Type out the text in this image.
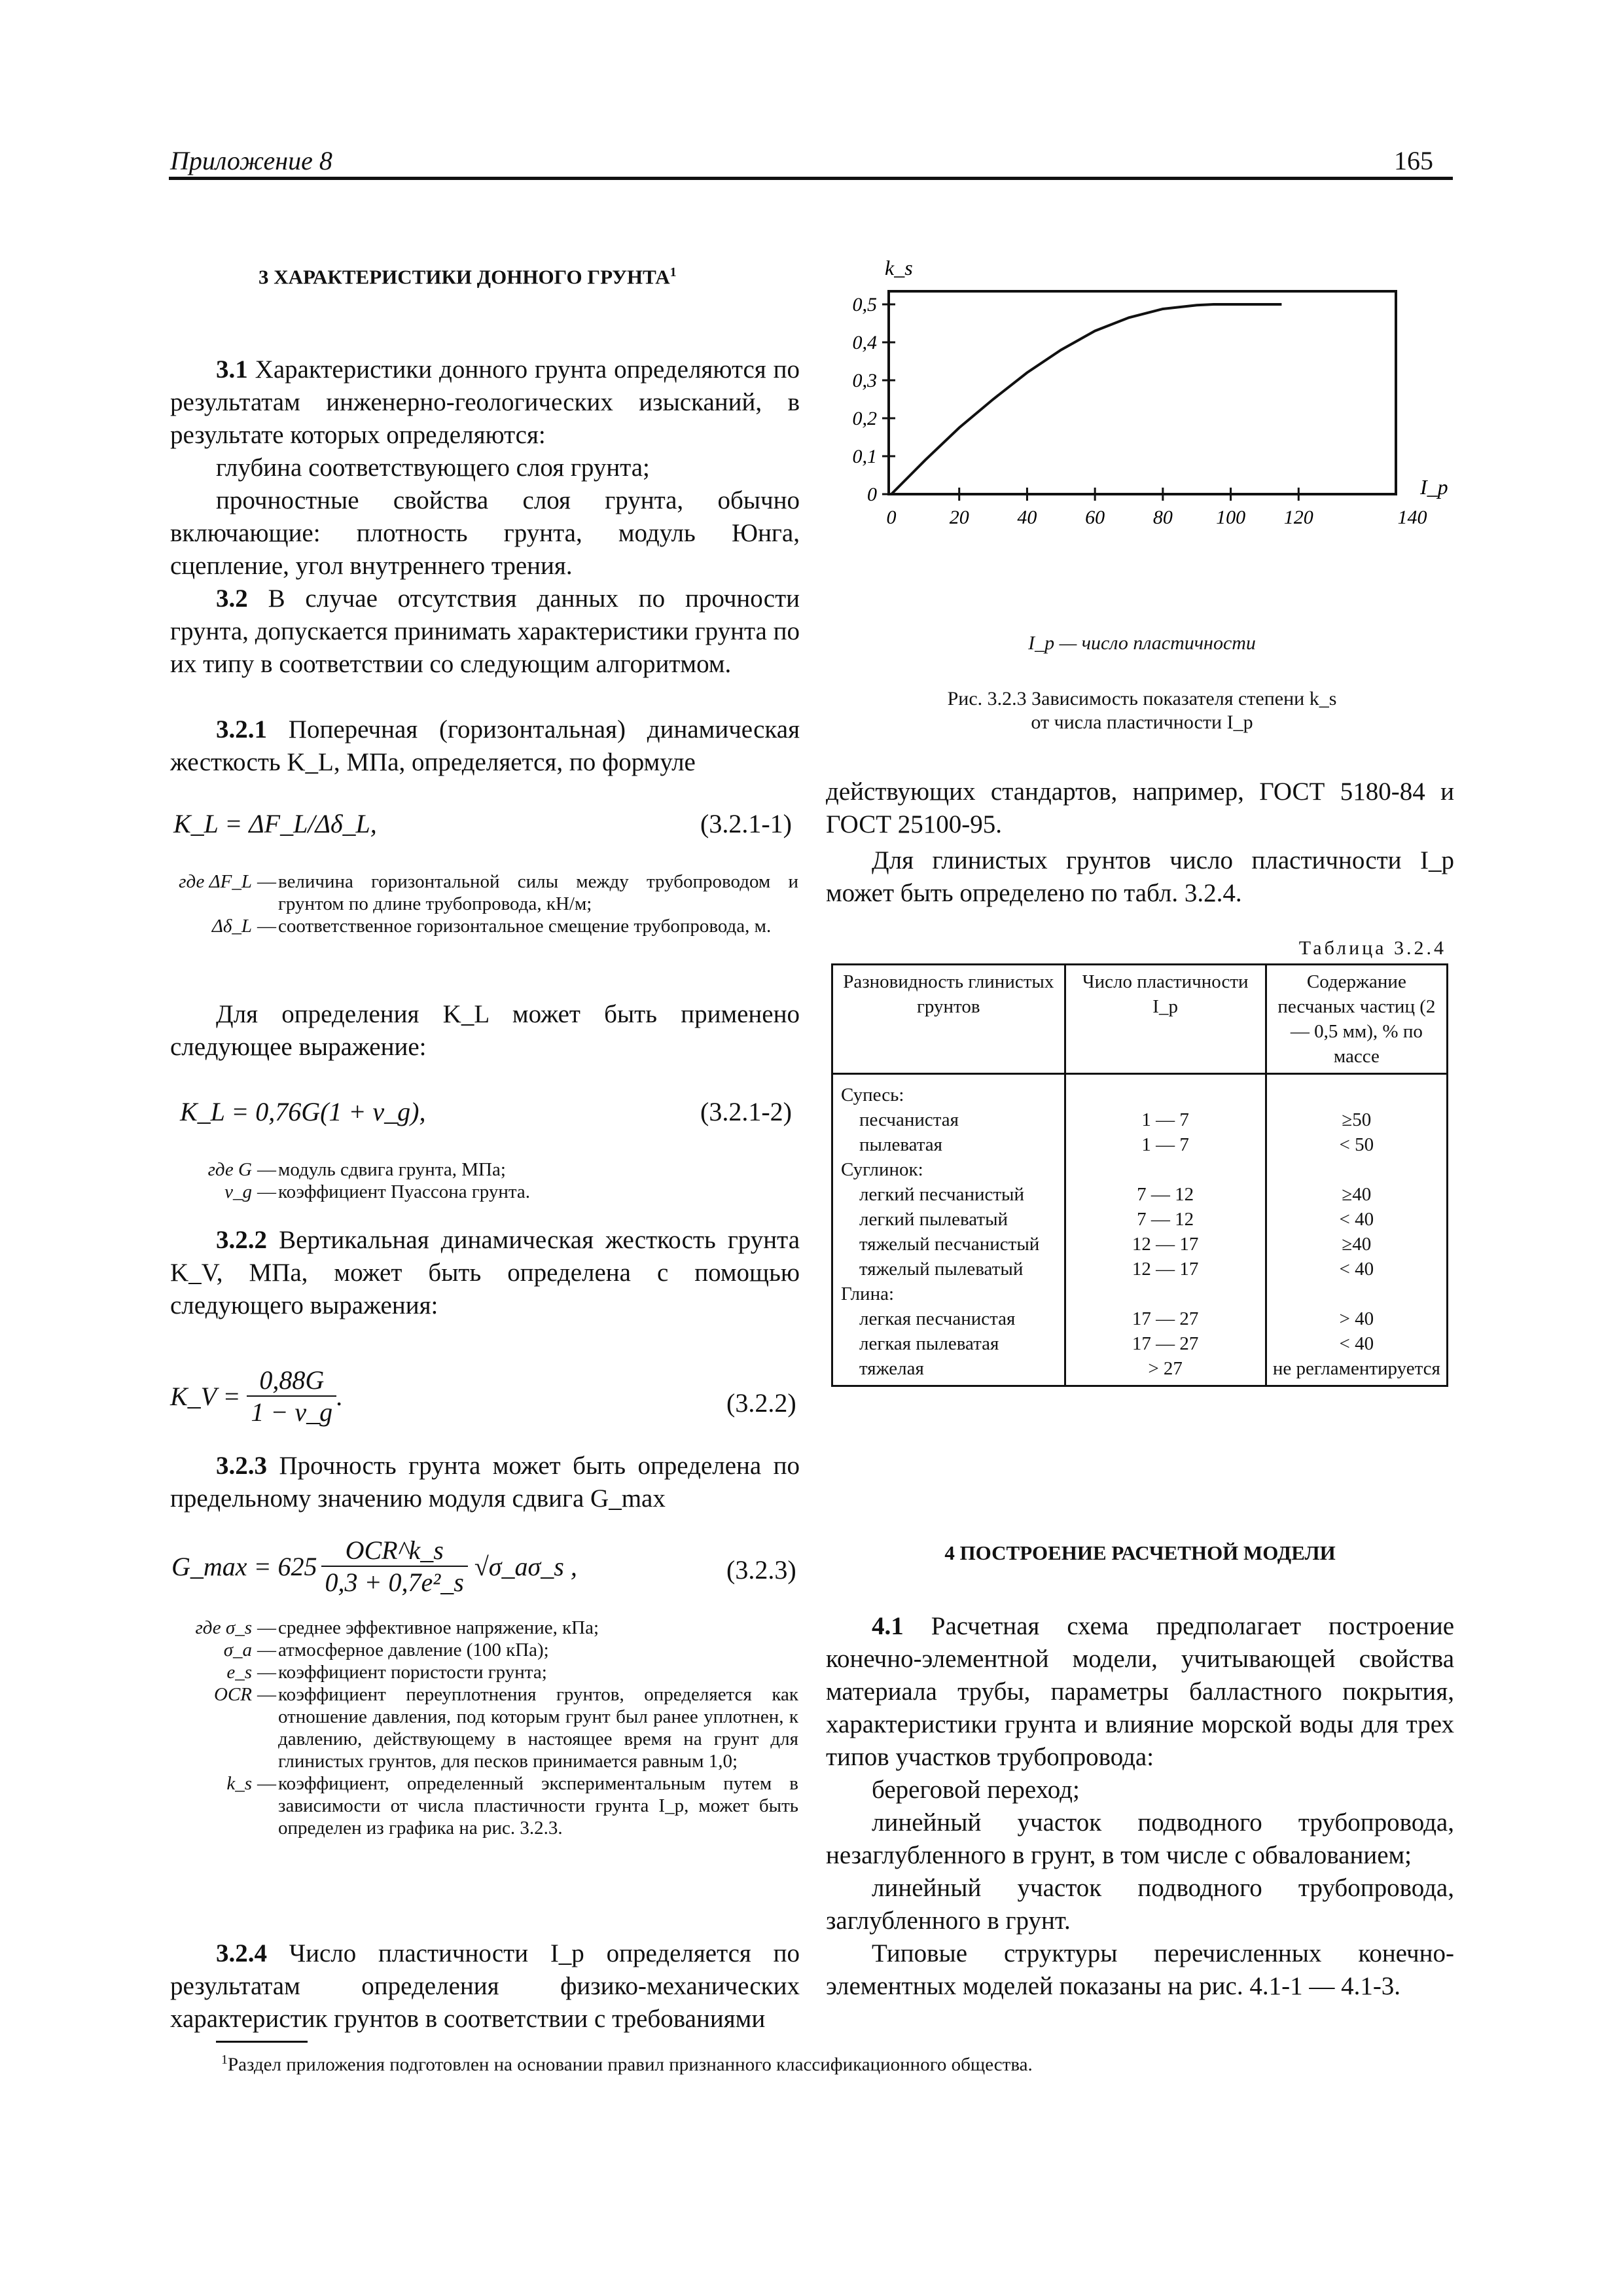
Приложение 8	165
3 ХАРАКТЕРИСТИКИ ДОННОГО ГРУНТА$^1$
3.1 Характеристики донного грунта определяются по результатам инженерно-геологических изысканий, в результате которых определяются:
глубина соответствующего слоя грунта;
прочностные свойства слоя грунта, обычно включающие: плотность грунта, модуль Юнга, сцепление, угол внутреннего трения.
3.2 В случае отсутствия данных по прочности грунта, допускается принимать характеристики грунта по их типу в соответствии со следующим алгоритмом.
3.2.1 Поперечная (горизонтальная) динамическая жесткость K_L, МПа, определяется, по формуле
K_L = ΔF_L/Δδ_L,	(3.2.1-1)
где ΔF_L — величина горизонтальной силы между трубопроводом и грунтом по длине трубопровода, кН/м;
Δδ_L — соответственное горизонтальное смещение трубопровода, м.
Для определения K_L может быть применено следующее выражение:
K_L = 0,76G(1 + v_g),	(3.2.1-2)
где G — модуль сдвига грунта, МПа;
v_g — коэффициент Пуассона грунта.
3.2.2 Вертикальная динамическая жесткость грунта K_V, МПа, может быть определена с помощью следующего выражения:
K_V = $\frac{0,88G}{1 - v\_g}$ .	(3.2.2)
3.2.3 Прочность грунта может быть определена по предельному значению модуля сдвига G_max
G_max = $625 \frac{\text{OCR\textasciicircum{}k\_s}}{\text{0,3 + 0,7e²\_s}}$ √σ_aσ_s ,	(3.2.3)
где σ_s — среднее эффективное напряжение, кПа;
σ_a — атмосферное давление (100 кПа);
e_s — коэффициент пористости грунта;
OCR — коэффициент переуплотнения грунтов, определяется как отношение давления, под которым грунт был ранее уплотнен, к давлению, действующему в настоящее время на грунт для глинистых грунтов, для песков принимается равным 1,0;
k_s — коэффициент, определенный экспериментальным путем в зависимости от числа пластичности грунта I_p, может быть определен из графика на рис. 3.2.3.
3.2.4 Число пластичности I_p определяется по результатам определения физико-механических характеристик грунтов в соответствии с требованиями
k_s
0,5
0,4
0,3
0,2
0,1
0
0	20 40 60 80 100 120	140
I_p
I_p — число пластичности
Рис. 3.2.3 Зависимость показателя степени k_s
от числа пластичности I_p
действующих стандартов, например, ГОСТ 5180-84 и ГОСТ 25100-95.
Для глинистых грунтов число пластичности I_p может быть определено по табл. 3.2.4.
Таблица 3.2.4
Разновидность глинистых грунтов	Число пластичности I_p	Содержание песчаных частиц (2 — 0,5 мм), % по массе
Супесь:		
песчанистая	1 — 7	≥50
пылеватая	1 — 7	< 50
Суглинок:		
легкий песчанистый	7 — 12	≥40
легкий пылеватый	7 — 12	< 40
тяжелый песчанистый	12 — 17	≥40
тяжелый пылеватый	12 — 17	< 40
Глина:		
легкая песчанистая	17 — 27	> 40
легкая пылеватая	17 — 27	< 40
тяжелая	> 27	не регламентируется
4 ПОСТРОЕНИЕ РАСЧЕТНОЙ МОДЕЛИ
4.1 Расчетная схема предполагает построение конечно-элементной модели, учитывающей свойства материала трубы, параметры балластного покрытия, характеристики грунта и влияние морской воды для трех типов участков трубопровода:
береговой переход;
линейный участок подводного трубопровода, незаглубленного в грунт, в том числе с обвалованием;
линейный участок подводного трубопровода, заглубленного в грунт.
Типовые структуры перечисленных конечно-элементных моделей показаны на рис. 4.1-1 — 4.1-3.
$^1$Раздел приложения подготовлен на основании правил признанного классификационного общества.
